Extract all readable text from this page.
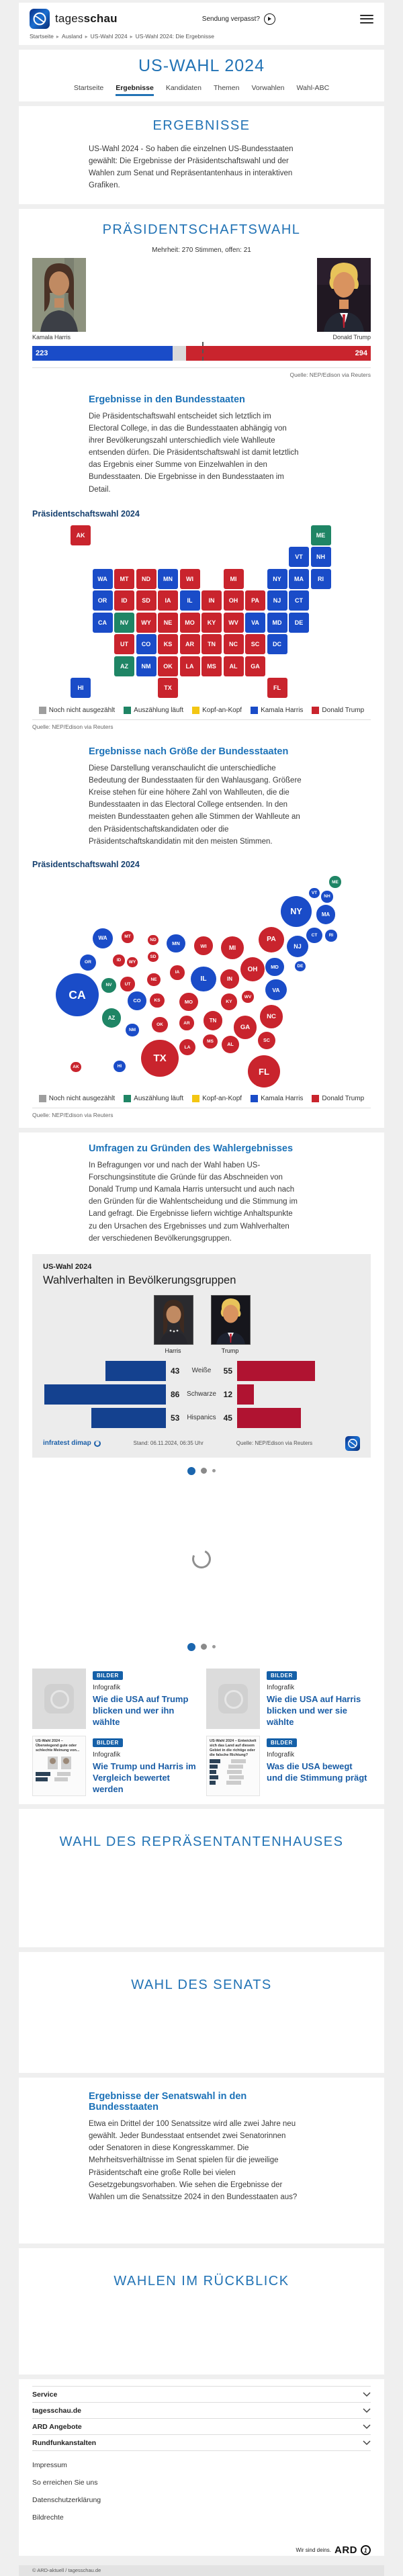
tagesschau	Sendung verpasst?
Startseite ▸ Ausland ▸ US-Wahl 2024 ▸ US-Wahl 2024: Die Ergebnisse
US-WAHL 2024
Startseite Ergebnisse Kandidaten Themen Vorwahlen Wahl-ABC
ERGEBNISSE

US-Wahl 2024 - So haben die einzelnen US-Bundesstaaten gewählt: Die Ergebnisse der Präsidentschaftswahl und der Wahlen zum Senat und Repräsentantenhaus in interaktiven Grafiken.

PRÄSIDENTSCHAFTSWAHL
Mehrheit: 270 Stimmen, offen: 21
Kamala Harris	Donald Trump
223	294
Quelle: NEP/Edison via Reuters
Ergebnisse in den Bundesstaaten

Die Präsidentschaftswahl entscheidet sich letztlich im Electoral College, in das die Bundesstaaten abhängig von ihrer Bevölkerungszahl unterschiedlich viele Wahlleute entsenden dürfen. Die Präsidentschaftswahl ist damit letztlich das Ergebnis einer Summe von Einzelwahlen in den Bundesstaaten. Die Ergebnisse in den Bundesstaaten im Detail.

Präsidentschaftswahl 2024
AK
AL
AR
AZ
CA
CO
CT
DC
DE
FL
GA
HI
IA
ID	IL	IN
KS
KY
LA
MA
MD
ME
MI
MN
MO
MS
MT
NC
ND
NE
NH
NJ
NM
NV
NY
OH
OK
OR	PA
RI
SC
SD
TN
TX
UT
VA
VT
WA	WI
WV
WY
Noch nicht ausgezählt	Auszählung läuft	Kopf-an-Kopf	Kamala Harris	Donald Trump
Quelle: NEP/Edison via Reuters
Ergebnisse nach Größe der Bundesstaaten

Diese Darstellung veranschaulicht die unterschiedliche Bedeutung der Bundesstaaten für den Wahlausgang. Größere Kreise stehen für eine höhere Zahl von Wahlleuten, die die Bundesstaaten in das Electoral College entsenden. In den meisten Bundesstaaten gehen alle Stimmen der Wahlleute an den Präsidentschaftskandidaten oder die Präsidentschaftskandidatin mit den meisten Stimmen.

Präsidentschaftswahl 2024
AK
AL
AR
AZ
CA	CO
CT
DE
FL
GA
HI
IA
ID
IL	IN
KS	KY
LA
MA
MD
ME
MI
MN
MO
MS
MT
NC
ND
NE
NH
NJ
NM
NV
NY
OH
OK
OR
PA
RI
SC
SD
TN
TX
UT
VA
VT
WA
WI
WV
WY
Noch nicht ausgezählt	Auszählung läuft	Kopf-an-Kopf	Kamala Harris	Donald Trump
Quelle: NEP/Edison via Reuters
Umfragen zu Gründen des Wahlergebnisses

In Befragungen vor und nach der Wahl haben US-Forschungsinstitute die Gründe für das Abschneiden von Donald Trump und Kamala Harris untersucht und auch nach den Gründen für die Wahlentscheidung und die Stimmung im Land gefragt. Die Ergebnisse liefern wichtige Anhaltspunkte zu den Ursachen des Ergebnisses und zum Wahlverhalten der verschiedenen Bevölkerungsgruppen.

US-Wahl 2024
Wahlverhalten in Bevölkerungsgruppen
Harris	Trump
43 Weiße 55
86 Schwarze 12
53 Hispanics 45
infratest dimap	Stand: 06.11.2024, 06:35 Uhr	Quelle: NEP/Edison via Reuters
BILDER
Infografik
Wie die USA auf Trump blicken und wer ihn wählte
BILDER
Infografik
Wie die USA auf Harris blicken und wer sie wählte
US-Wahl 2024 – Überwiegend gute oder schlechte Meinung von...
BILDER
Infografik
Wie Trump und Harris im Vergleich bewertet werden
US-Wahl 2024 – Entwickelt sich das Land auf diesem Gebiet in die richtige oder die falsche Richtung?
BILDER
Infografik
Was die USA bewegt und die Stimmung prägt
WAHL DES REPRÄSENTANTENHAUSES
WAHL DES SENATS
Ergebnisse der Senatswahl in den Bundesstaaten

Etwa ein Drittel der 100 Senatssitze wird alle zwei Jahre neu gewählt. Jeder Bundesstaat entsendet zwei Senatorinnen oder Senatoren in diese Kongresskammer. Die Mehrheitsverhältnisse im Senat spielen für die jeweilige Präsidentschaft eine große Rolle bei vielen Gesetzgebungsvorhaben. Wie sehen die Ergebnisse der Wahlen um die Senatssitze 2024 in den Bundesstaaten aus?

WAHLEN IM RÜCKBLICK
Service
tagesschau.de
ARD Angebote
Rundfunkanstalten
Impressum
So erreichen Sie uns
Datenschutzerklärung
Bildrechte
Wir sind deins. ARD	1
© ARD-aktuell / tagesschau.de
